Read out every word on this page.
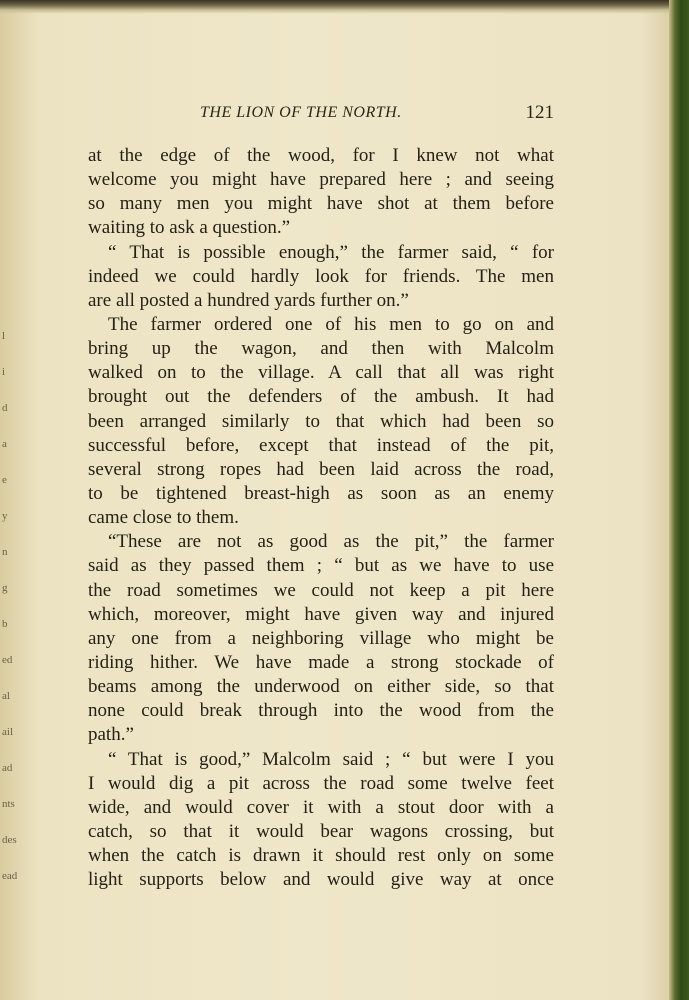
l
i
d
a
e
y
n
g
b
ed
al
ail
ad
nts
des
ead
THE LION OF THE NORTH.	121
at the edge of the wood, for I knew not what
welcome you might have prepared here ; and seeing
so many men you might have shot at them before
waiting to ask a question.”
“ That is possible enough,” the farmer said, “ for
indeed we could hardly look for friends. The men
are all posted a hundred yards further on.”
The farmer ordered one of his men to go on and
bring up the wagon, and then with Malcolm
walked on to the village. A call that all was right
brought out the defenders of the ambush. It had
been arranged similarly to that which had been so
successful before, except that instead of the pit,
several strong ropes had been laid across the road,
to be tightened breast-high as soon as an enemy
came close to them.
“These are not as good as the pit,” the farmer
said as they passed them ; “ but as we have to use
the road sometimes we could not keep a pit here
which, moreover, might have given way and injured
any one from a neighboring village who might be
riding hither. We have made a strong stockade of
beams among the underwood on either side, so that
none could break through into the wood from the
path.”
“ That is good,” Malcolm said ; “ but were I you
I would dig a pit across the road some twelve feet
wide, and would cover it with a stout door with a
catch, so that it would bear wagons crossing, but
when the catch is drawn it should rest only on some
light supports below and would give way at once
